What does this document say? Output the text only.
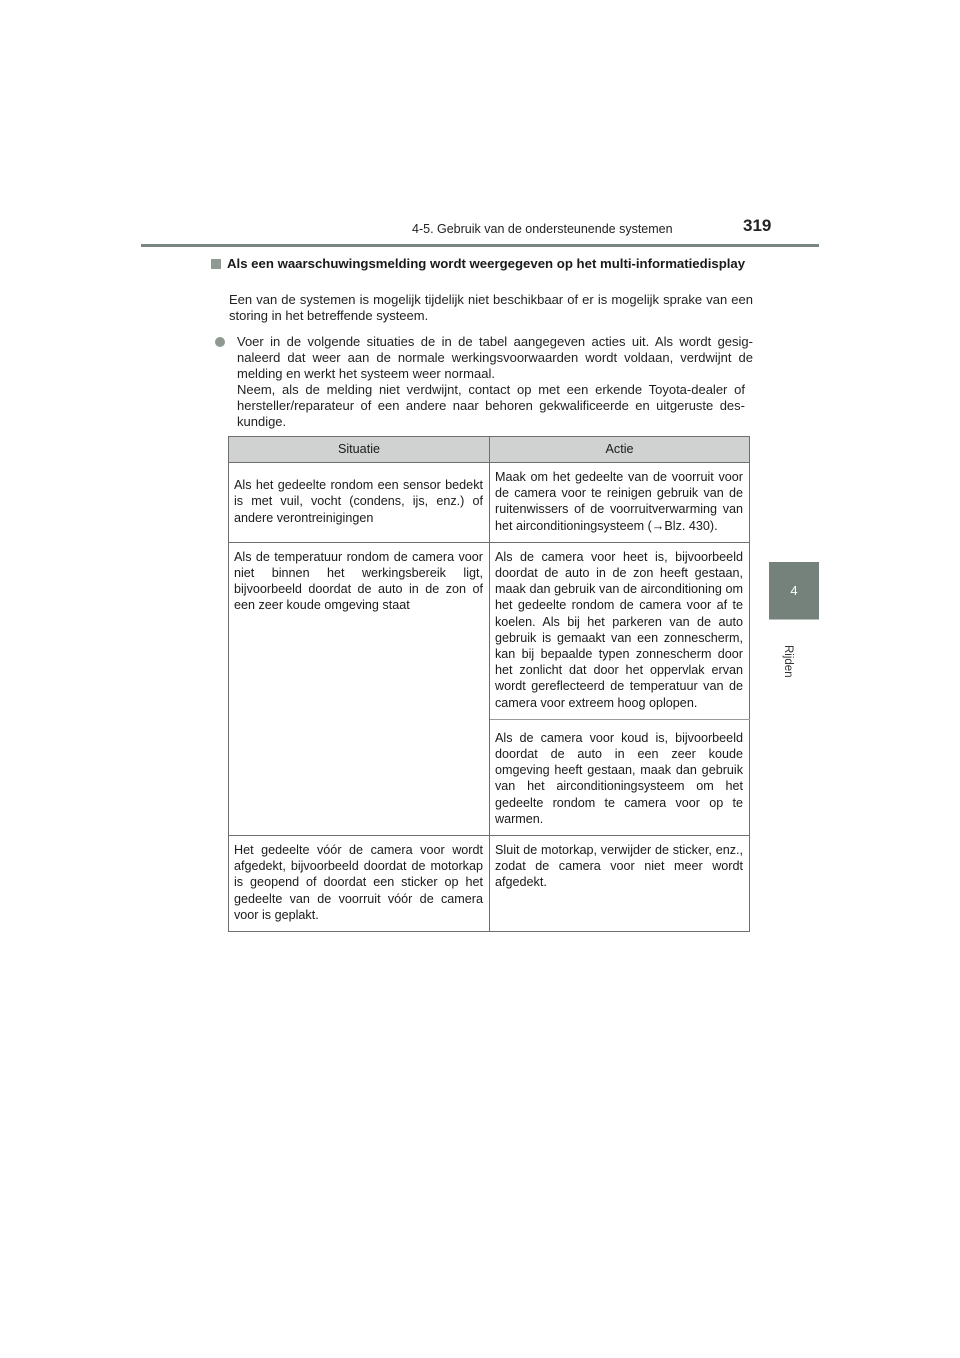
4-5. Gebruik van de ondersteunende systemen	319
4
Rijden
Als een waarschuwingsmelding wordt weergegeven op het multi-informatiedisplay
Een van de systemen is mogelijk tijdelijk niet beschikbaar of er is mogelijk sprake van een storing in het betreffende systeem.
Voer in de volgende situaties de in de tabel aangegeven acties uit. Als wordt gesignaleerd dat weer aan de normale werkingsvoorwaarden wordt voldaan, verdwijnt de melding en werkt het systeem weer normaal.
Neem, als de melding niet verdwijnt, contact op met een erkende Toyota-dealer of hersteller/reparateur of een andere naar behoren gekwalificeerde en uitgeruste deskundige.
Situatie	Actie
Als het gedeelte rondom een sensor bedekt is met vuil, vocht (condens, ijs, enz.) of andere verontreinigingen	Maak om het gedeelte van de voorruit voor de camera voor te reinigen gebruik van de ruitenwissers of de voorruitverwarming van het airconditioningsysteem (→Blz. 430).
Als de temperatuur rondom de camera voor niet binnen het werkingsbereik ligt, bijvoorbeeld doordat de auto in de zon of een zeer koude omgeving staat	Als de camera voor heet is, bijvoorbeeld doordat de auto in de zon heeft gestaan, maak dan gebruik van de airconditioning om het gedeelte rondom de camera voor af te koelen. Als bij het parkeren van de auto gebruik is gemaakt van een zonnescherm, kan bij bepaalde typen zonnescherm door het zonlicht dat door het oppervlak ervan wordt gereflecteerd de temperatuur van de camera voor extreem hoog oplopen.
	Als de camera voor koud is, bijvoorbeeld doordat de auto in een zeer koude omgeving heeft gestaan, maak dan gebruik van het airconditioningsysteem om het gedeelte rondom te camera voor op te warmen.
Het gedeelte vóór de camera voor wordt afgedekt, bijvoorbeeld doordat de motorkap is geopend of doordat een sticker op het gedeelte van de voorruit vóór de camera voor is geplakt.	Sluit de motorkap, verwijder de sticker, enz., zodat de camera voor niet meer wordt afgedekt.
